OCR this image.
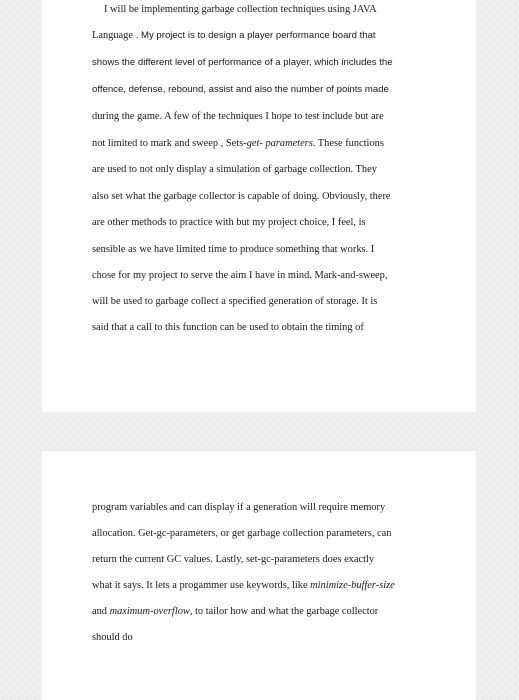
I will be implementing garbage collection techniques using JAVA
Language . My project is to design a player performance board that
shows the different level of performance of a player, which includes the
offence, defense, rebound, assist and also the number of points made
during the game. A few of the techniques I hope to test include but are
not limited to mark and sweep , Sets-get- parameters. These functions
are used to not only display a simulation of garbage collection. They
also set what the garbage collector is capable of doing. Obviously, there
are other methods to practice with but my project choice, I feel, is
sensible as we have limited time to produce something that works. I
chose for my project to serve the aim I have in mind. Mark-and-sweep,
will be used to garbage collect a specified generation of storage. It is
said that a call to this function can be used to obtain the timing of
program variables and can display if a generation will require memory
allocation. Get-gc-parameters, or get garbage collection parameters, can
return the current GC values. Lastly, set-gc-parameters does exactly
what it says. It lets a progammer use keywords, like minimize-buffer-size
and maximum-overflow, to tailor how and what the garbage collector
should do
